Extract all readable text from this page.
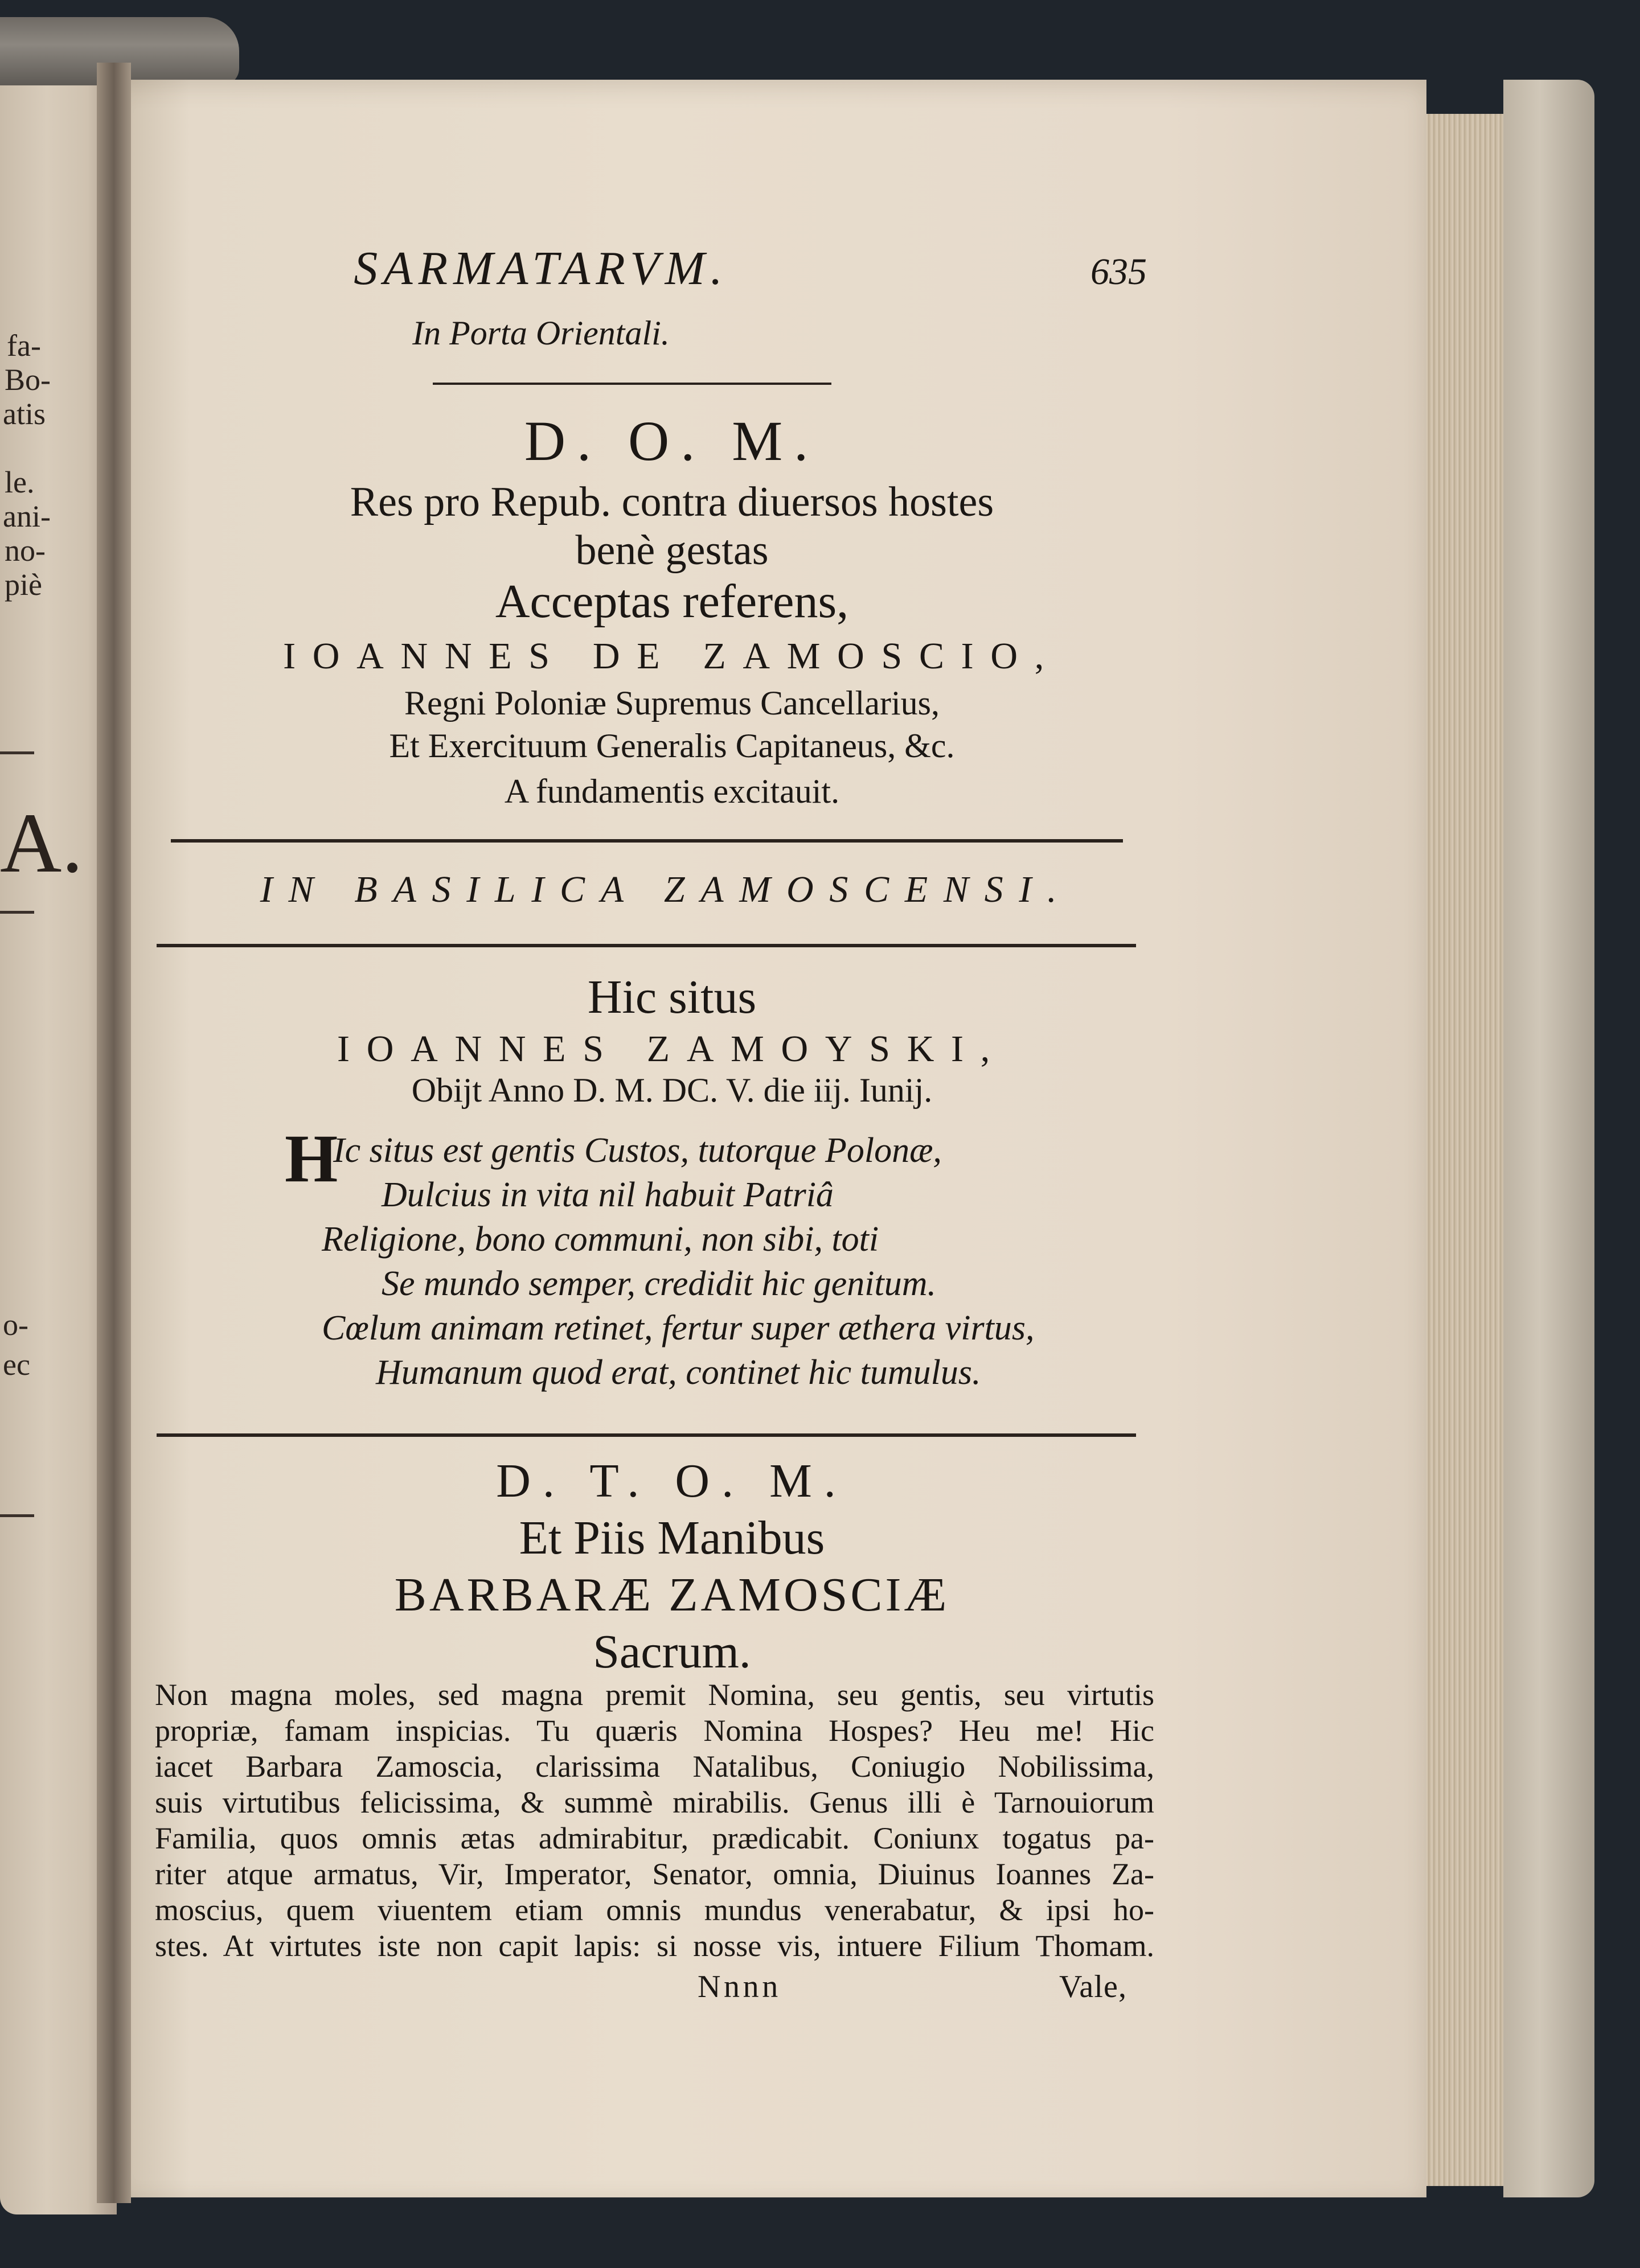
fa-
Bo-
atis
le.
ani-
no-
piè
A.
o-
ec
SARMATARVM.	635
In Porta Orientali.
D. O. M.
Res pro Repub. contra diuersos hostes
benè gestas
Acceptas referens,
IOANNES DE ZAMOSCIO,
Regni Poloniæ Supremus Cancellarius,
Et Exercituum Generalis Capitaneus, &c.
A fundamentis excitauit.
IN BASILICA ZAMOSCENSI.
Hic situs
IOANNES ZAMOYSKI,
Obijt Anno D. M. DC. V. die iij. Iunij.
H
Ic situs est gentis Custos, tutorque Polonæ,
Dulcius in vita nil habuit Patriâ
Religione, bono communi, non sibi, toti
Se mundo semper, credidit hic genitum.
Cœlum animam retinet, fertur super æthera virtus,
Humanum quod erat, continet hic tumulus.
D. T. O. M.
Et Piis Manibus
BARBARÆ ZAMOSCIÆ
Sacrum.
Non magna moles, sed magna premit Nomina, seu gentis, seu virtutis
propriæ, famam inspicias. Tu quæris Nomina Hospes? Heu me! Hic
iacet Barbara Zamoscia, clarissima Natalibus, Coniugio Nobilissima,
suis virtutibus felicissima, & summè mirabilis. Genus illi è Tarnouiorum
Familia, quos omnis ætas admirabitur, prædicabit. Coniunx togatus pa-
riter atque armatus, Vir, Imperator, Senator, omnia, Diuinus Ioannes Za-
moscius, quem viuentem etiam omnis mundus venerabatur, & ipsi ho-
stes. At virtutes iste non capit lapis: si nosse vis, intuere Filium Thomam.
Nnnn	Vale,
